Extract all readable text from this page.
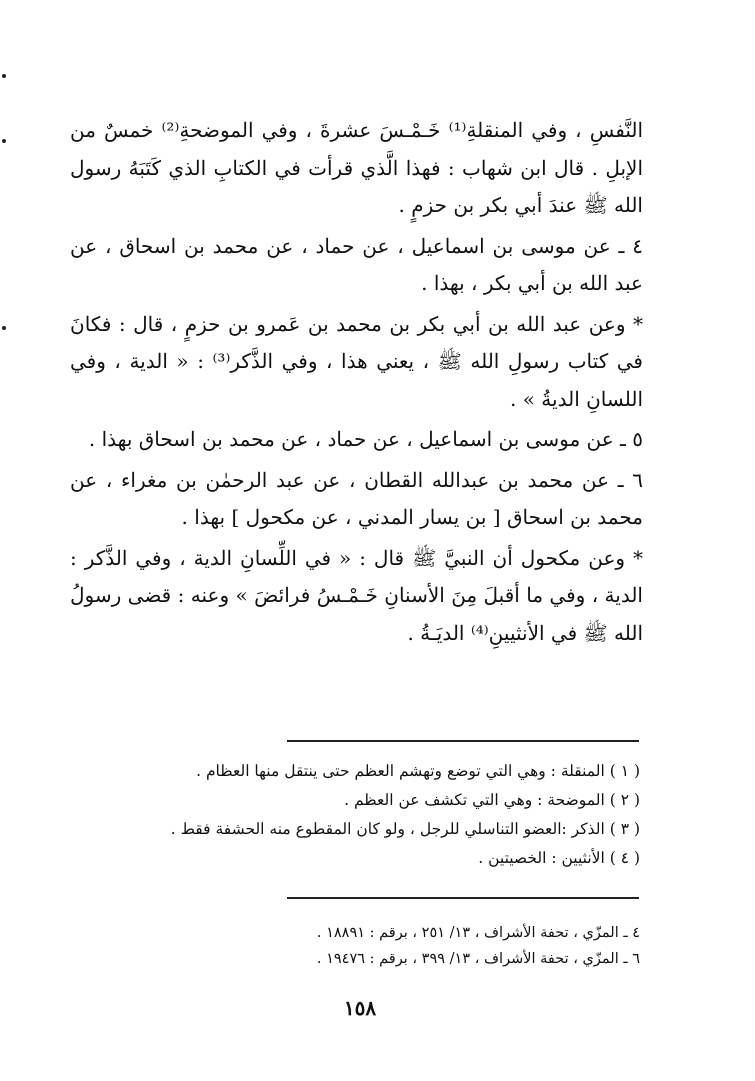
النَّفسِ ، وفي المنقلةِ⁽¹⁾ خَـمْـسَ عشرةَ ، وفي الموضحةِ⁽²⁾ خمسٌ من الإبلِ . قال ابن شهاب : فهذا الَّذي قرأت في الكتابِ الذي كَتَبَهُ رسول الله ﷺ عندَ أبي بكر بن حزمٍ .

٤ ـ عن موسى بن اسماعيل ، عن حماد ، عن محمد بن اسحاق ، عن عبد الله بن أبي بكر ، بهذا .

* وعن عبد الله بن أبي بكر بن محمد بن عَمرو بن حزمٍ ، قال : فكانَ في كتاب رسولِ الله ﷺ ، يعني هذا ، وفي الذَّكر⁽³⁾ : « الدية ، وفي اللسانِ الديةُ » .

٥ ـ عن موسى بن اسماعيل ، عن حماد ، عن محمد بن اسحاق بهذا .

٦ ـ عن محمد بن عبدالله القطان ، عن عبد الرحمٰن بن مغراء ، عن محمد بن اسحاق [ بن يسار المدني ، عن مكحول ] بهذا .

* وعن مكحول أن النبيَّ ﷺ قال : « في اللِّسانِ الدية ، وفي الذَّكر : الدية ، وفي ما أقبلَ مِنَ الأسنانِ خَـمْـسُ فرائضَ » وعنه : قضى رسولُ الله ﷺ في الأنثيينِ⁽⁴⁾ الديَـةُ .

( ١ ) المنقلة : وهي التي توضع وتهشم العظم حتى ينتقل منها العظام .
( ٢ ) الموضحة : وهي التي تكشف عن العظم .
( ٣ ) الذكر :العضو التناسلي للرجل ، ولو كان المقطوع منه الحشفة فقط .
( ٤ ) الأنثيين : الخصيتين .
٤ ـ المزّي ، تحفة الأشراف ، ١٣/ ٢٥١ ، برقم : ١٨٨٩١ .
٦ ـ المزّي ، تحفة الأشراف ، ١٣/ ٣٩٩ ، برقم : ١٩٤٧٦ .
١٥٨
